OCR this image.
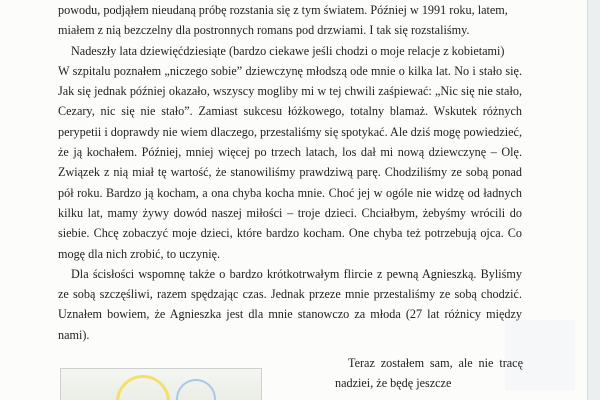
powodu, podjąłem nieudaną próbę rozstania się z tym światem. Później w 1991 roku, latem,

miałem z nią bezczelny dla postronnych romans pod drzwiami. I tak się rozstaliśmy.

Nadeszły lata dziewięćdziesiąte (bardzo ciekawe jeśli chodzi o moje relacje z kobietami)

W szpitalu poznałem „niczego sobie” dziewczynę młodszą ode mnie o kilka lat. No i stało się. Jak się jednak później okazało, wszyscy mogliby mi w tej chwili zaśpiewać: „Nic się nie stało, Cezary, nic się nie stało”. Zamiast sukcesu łóżkowego, totalny blamaż. Wskutek różnych perypetii i doprawdy nie wiem dlaczego, przestaliśmy się spotykać. Ale dziś mogę powiedzieć, że ją kochałem. Później, mniej więcej po trzech latach, los dał mi nową dziewczynę – Olę. Związek z nią miał tę wartość, że stanowiliśmy prawdziwą parę. Chodziliśmy ze sobą ponad pół roku. Bardzo ją kocham, a ona chyba kocha mnie. Choć jej w ogóle nie widzę od ładnych kilku lat, mamy żywy dowód naszej miłości – troje dzieci. Chciałbym, żebyśmy wrócili do siebie. Chcę zobaczyć moje dzieci, które bardzo kocham. One chyba też potrzebują ojca. Co mogę dla nich zrobić, to uczynię.

Dla ścisłości wspomnę także o bardzo krótkotrwałym flircie z pewną Agnieszką. Byliśmy ze sobą szczęśliwi, razem spędzając czas. Jednak przeze mnie przestaliśmy ze sobą chodzić. Uznałem bowiem, że Agnieszka jest dla mnie stanowczo za młoda (27 lat różnicy między nami).

Teraz zostałem sam, ale nie tracę nadziei, że będę jeszcze
